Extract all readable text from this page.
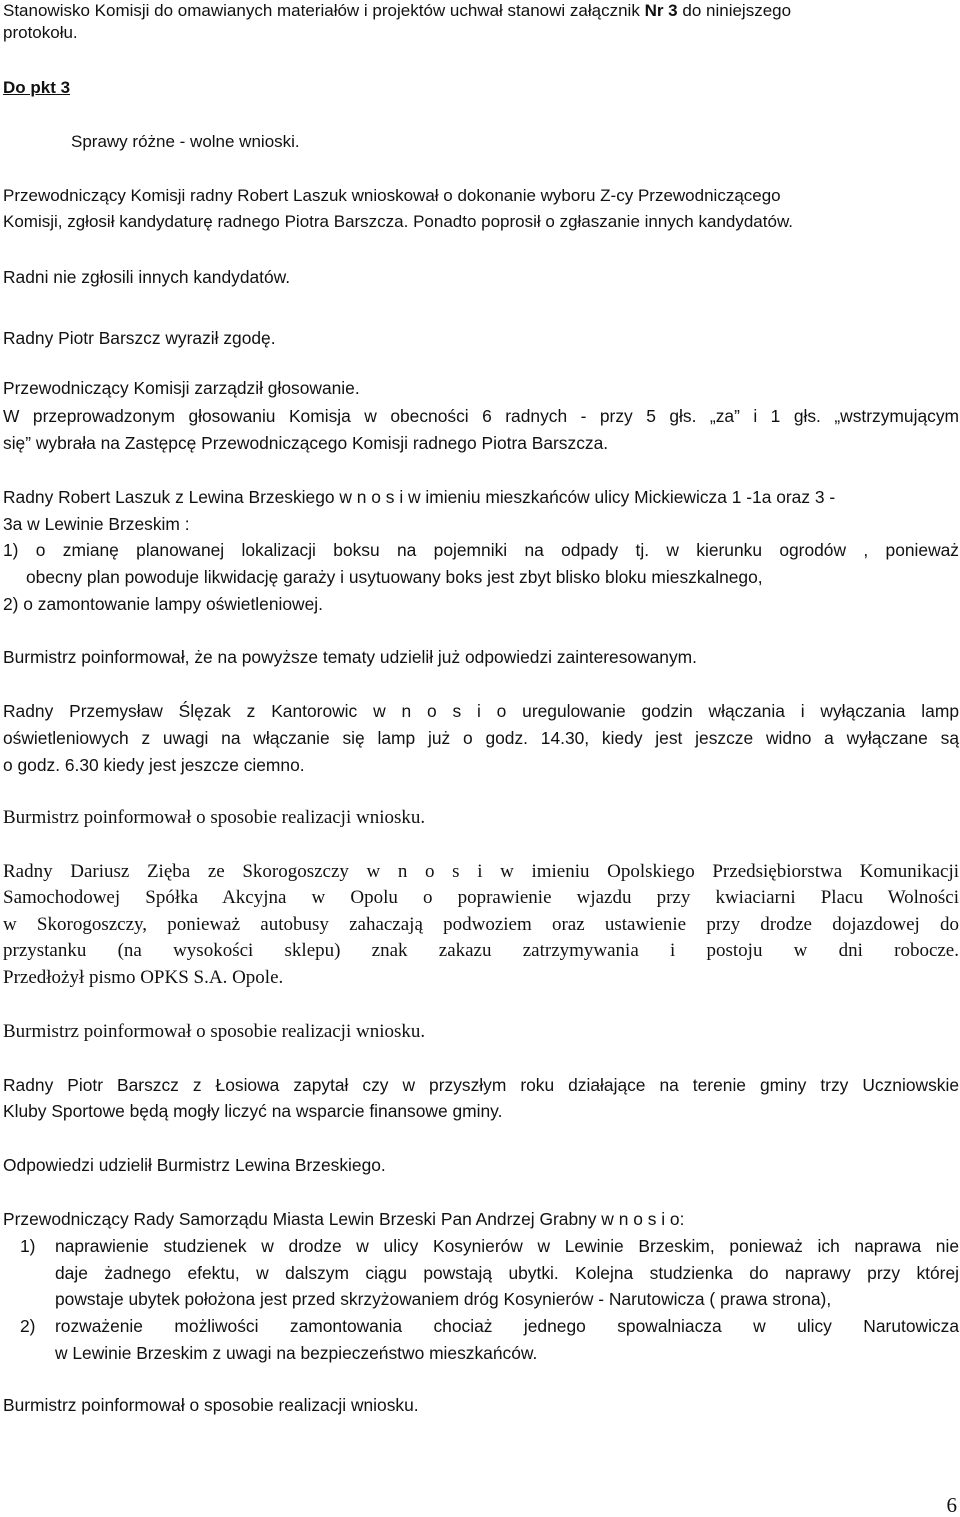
Stanowisko Komisji do omawianych materiałów i projektów uchwał stanowi załącznik Nr 3 do niniejszego
protokołu.
Do pkt 3
Sprawy różne - wolne wnioski.
Przewodniczący Komisji radny Robert Laszuk wnioskował o dokonanie wyboru Z-cy Przewodniczącego
Komisji, zgłosił kandydaturę radnego Piotra Barszcza. Ponadto poprosił o zgłaszanie innych kandydatów.
Radni nie zgłosili innych kandydatów.
Radny Piotr Barszcz wyraził zgodę.
Przewodniczący Komisji zarządził głosowanie.
W przeprowadzonym głosowaniu Komisja w obecności 6 radnych - przy 5 głs. „za” i 1 głs. „wstrzymującym
się” wybrała na Zastępcę Przewodniczącego Komisji radnego Piotra Barszcza.
Radny Robert Laszuk z Lewina Brzeskiego w n o s i w imieniu mieszkańców ulicy Mickiewicza 1 -1a oraz 3 -
3a w Lewinie Brzeskim :
1) o zmianę planowanej lokalizacji boksu na pojemniki na odpady tj. w kierunku ogrodów , ponieważ
obecny plan powoduje likwidację garaży i usytuowany boks jest zbyt blisko bloku mieszkalnego,
2) o zamontowanie lampy oświetleniowej.
Burmistrz poinformował, że na powyższe tematy udzielił już odpowiedzi zainteresowanym.
Radny Przemysław Ślęzak z Kantorowic w n o s i o uregulowanie godzin włączania i wyłączania lamp
oświetleniowych z uwagi na włączanie się lamp już o godz. 14.30, kiedy jest jeszcze widno a wyłączane są
o godz. 6.30 kiedy jest jeszcze ciemno.
Burmistrz poinformował o sposobie realizacji wniosku.
Radny Dariusz Zięba ze Skorogoszczy w n o s i w imieniu Opolskiego Przedsiębiorstwa Komunikacji
Samochodowej Spółka Akcyjna w Opolu o poprawienie wjazdu przy kwiaciarni Placu Wolności
w Skorogoszczy, ponieważ autobusy zahaczają podwoziem oraz ustawienie przy drodze dojazdowej do
przystanku (na wysokości sklepu) znak zakazu zatrzymywania i postoju w dni robocze.
Przedłożył pismo OPKS S.A. Opole.
Burmistrz poinformował o sposobie realizacji wniosku.
Radny Piotr Barszcz z Łosiowa zapytał czy w przyszłym roku działające na terenie gminy trzy Uczniowskie
Kluby Sportowe będą mogły liczyć na wsparcie finansowe gminy.
Odpowiedzi udzielił Burmistrz Lewina Brzeskiego.
Przewodniczący Rady Samorządu Miasta Lewin Brzeski Pan Andrzej Grabny w n o s i o:
1) naprawienie studzienek w drodze w ulicy Kosynierów w Lewinie Brzeskim, ponieważ ich naprawa nie
daje żadnego efektu, w dalszym ciągu powstają ubytki. Kolejna studzienka do naprawy przy której
powstaje ubytek położona jest przed skrzyżowaniem dróg Kosynierów - Narutowicza ( prawa strona),
2) rozważenie możliwości zamontowania chociaż jednego spowalniacza w ulicy Narutowicza
w Lewinie Brzeskim z uwagi na bezpieczeństwo mieszkańców.
Burmistrz poinformował o sposobie realizacji wniosku.
6
